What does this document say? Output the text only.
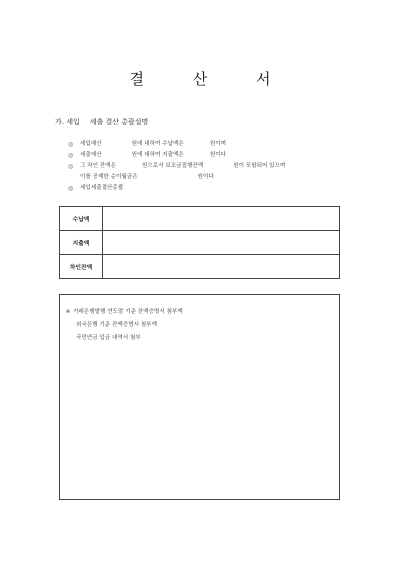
결 산 서
가. 세입 세출 결산 총괄설명
◎	세입예산	원에 대하여 수납액은	원이며
◎	세출예산	원에 대하여 지출액은	원이다
◎	그 차인 잔액은	원으로서 보조금집행잔액	원이 포함되어 있으며
이를 공제한 순이월금은	원이다
◎	세입세출결산총괄
수납액	
지출액	
차인잔액	
※ 거래은행발행 연도말 기준 잔액증명서 첨부액
외국은행 기준 잔액증명서 첨부액
국민연금 입금 내역서 첨부
